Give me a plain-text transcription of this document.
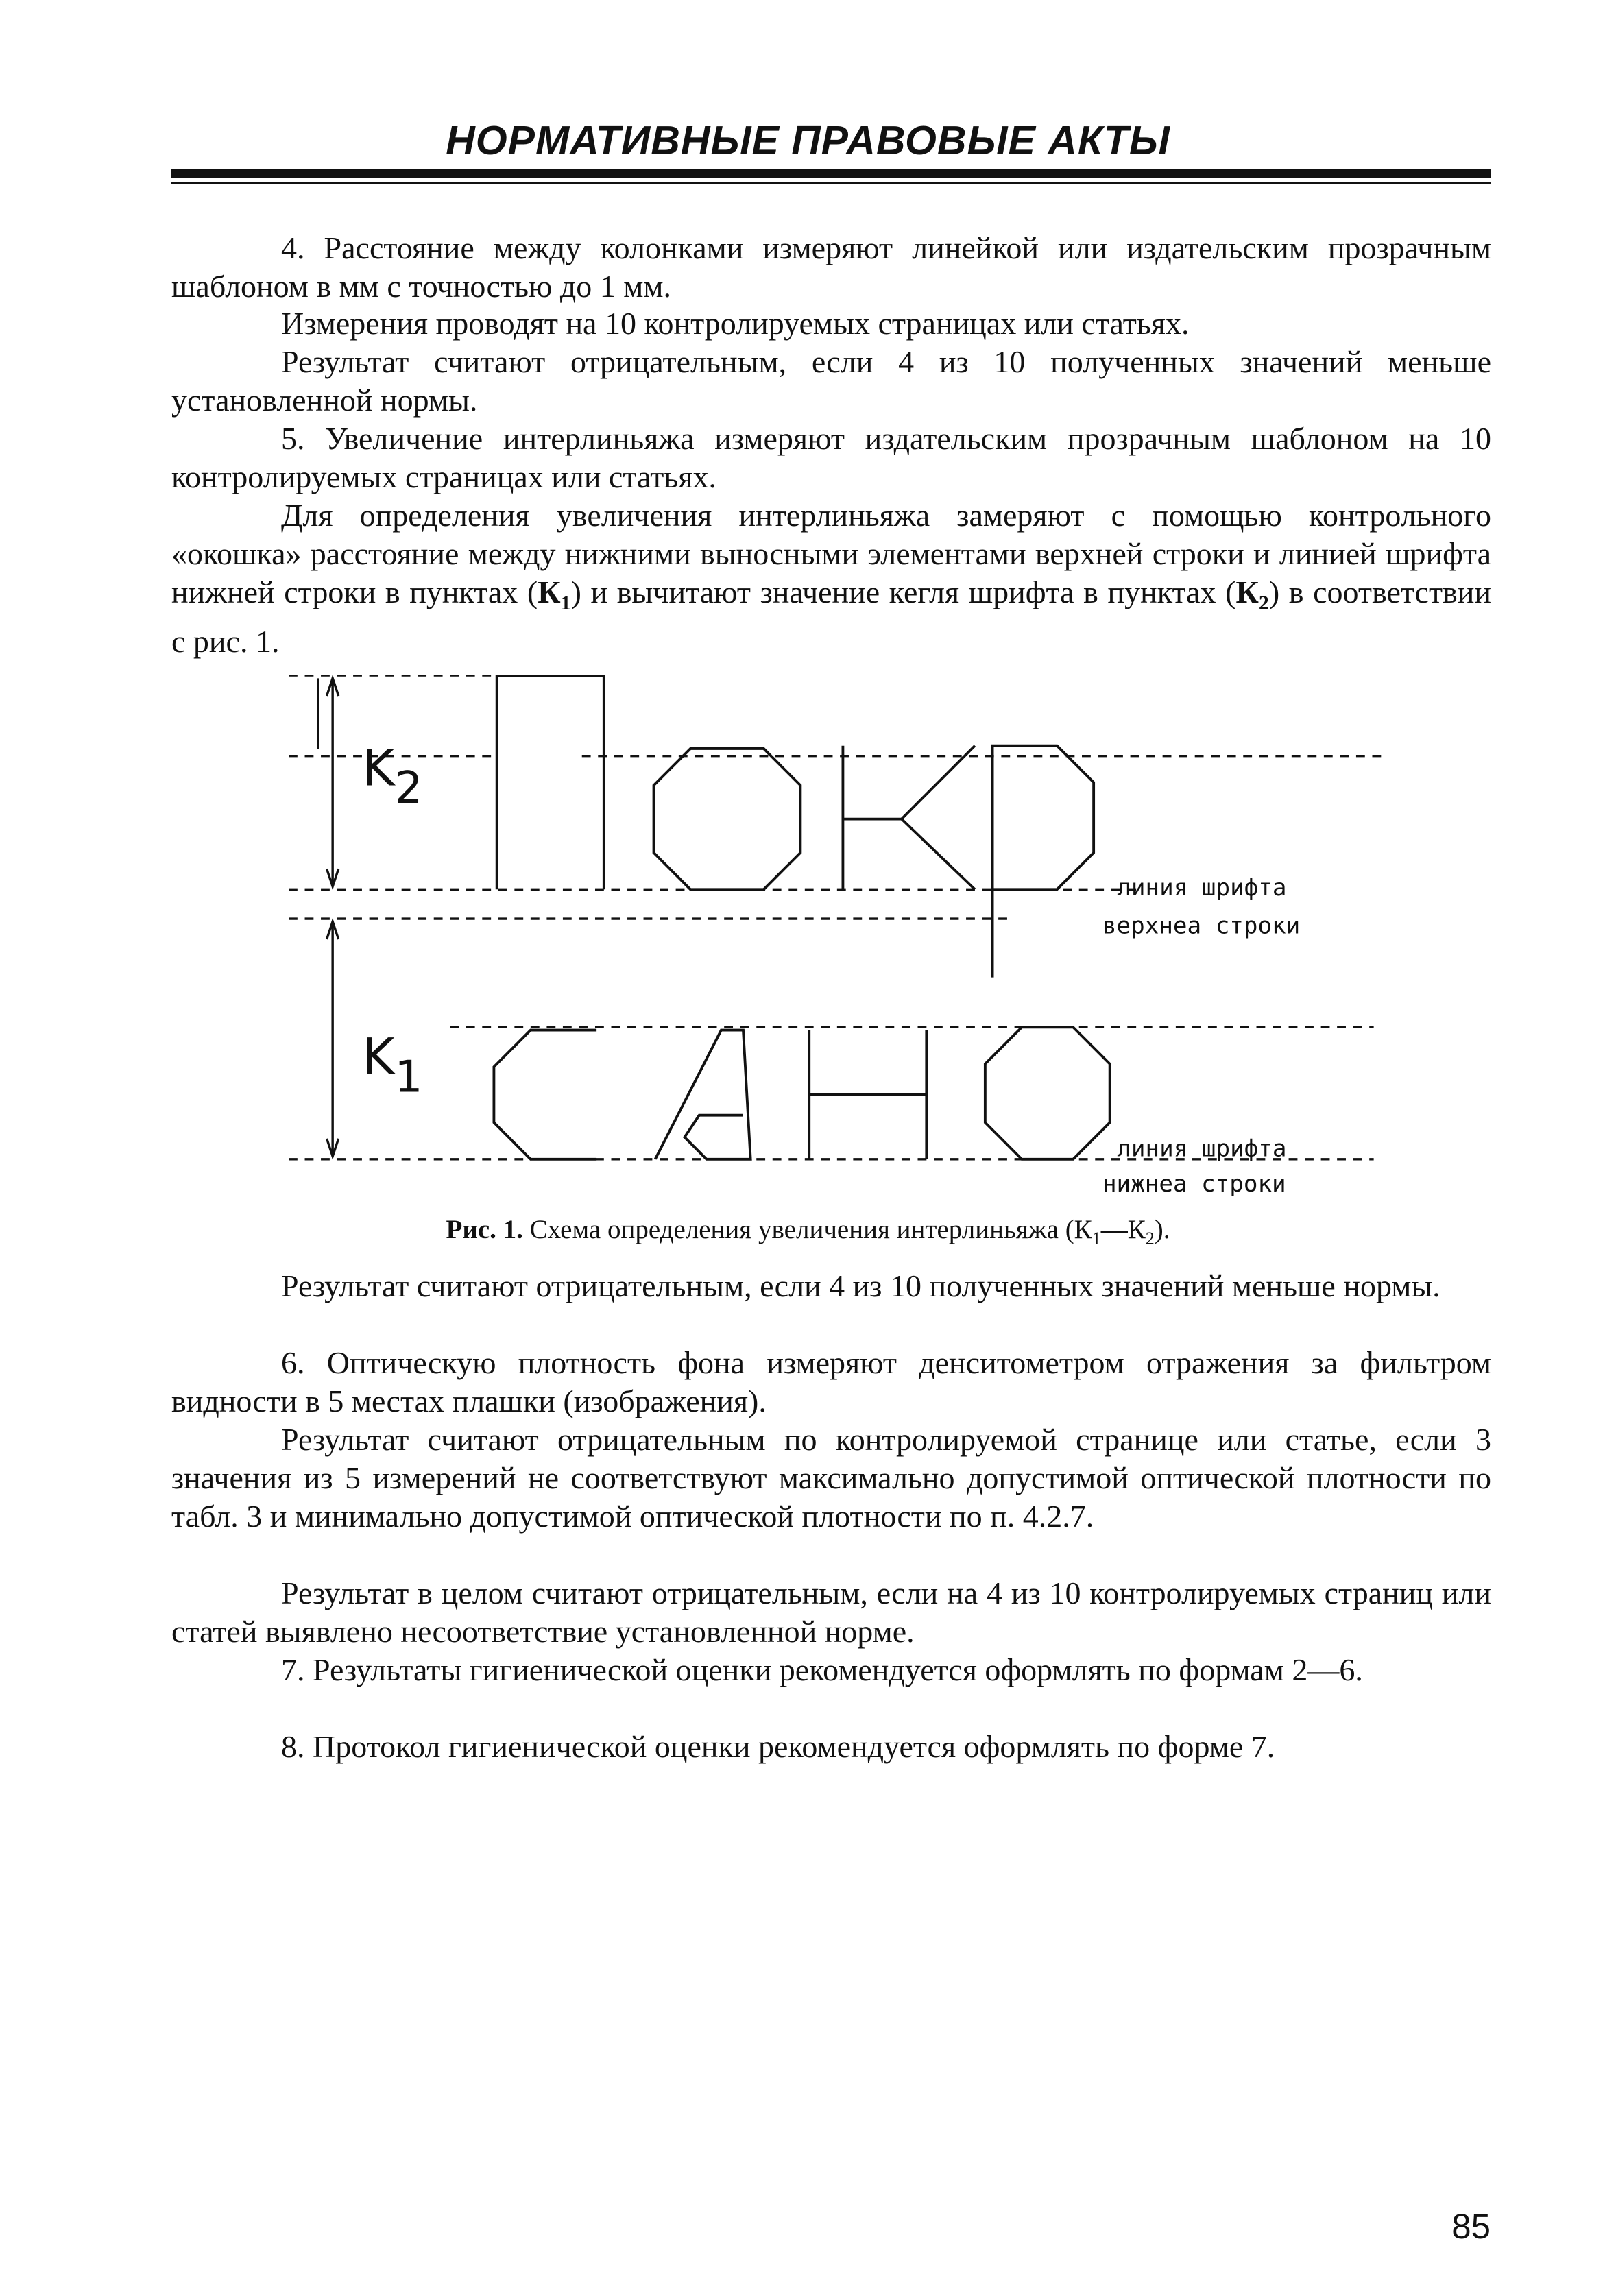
НОРМАТИВНЫЕ ПРАВОВЫЕ АКТЫ
4. Расстояние между колонками измеряют линейкой или издательским прозрачным шаблоном в мм с точностью до 1 мм.
Измерения проводят на 10 контролируемых страницах или статьях.
Результат считают отрицательным, если 4 из 10 полученных значений меньше установленной нормы.
5. Увеличение интерлиньяжа измеряют издательским прозрачным шаблоном на 10 контролируемых страницах или статьях.
Для определения увеличения интерлиньяжа замеряют с помощью контрольного «окошка» расстояние между нижними выносными элементами верхней строки и линией шрифта нижней строки в пунктах $(К_1)$ и вычитают значение кегля шрифта в пунктах $(К_2)$ в соответствии с рис. 1.
K2
K1
линия шрифта
верхнеа строки
линия шрифта
нижнеа строки
Рис. 1. Схема определения увеличения интерлиньяжа $(К_1—К_2)$.
Результат считают отрицательным, если 4 из 10 полученных значений меньше нормы.
6. Оптическую плотность фона измеряют денситометром отражения за фильтром видности в 5 местах плашки (изображения).
Результат считают отрицательным по контролируемой странице или статье, если 3 значения из 5 измерений не соответствуют максимально допустимой оптической плотности по табл. 3 и минимально допустимой оптической плотности по п. 4.2.7.
Результат в целом считают отрицательным, если на 4 из 10 контролируемых страниц или статей выявлено несоответствие установленной норме.
7. Результаты гигиенической оценки рекомендуется оформлять по формам 2—6.
8. Протокол гигиенической оценки рекомендуется оформлять по форме 7.
85
